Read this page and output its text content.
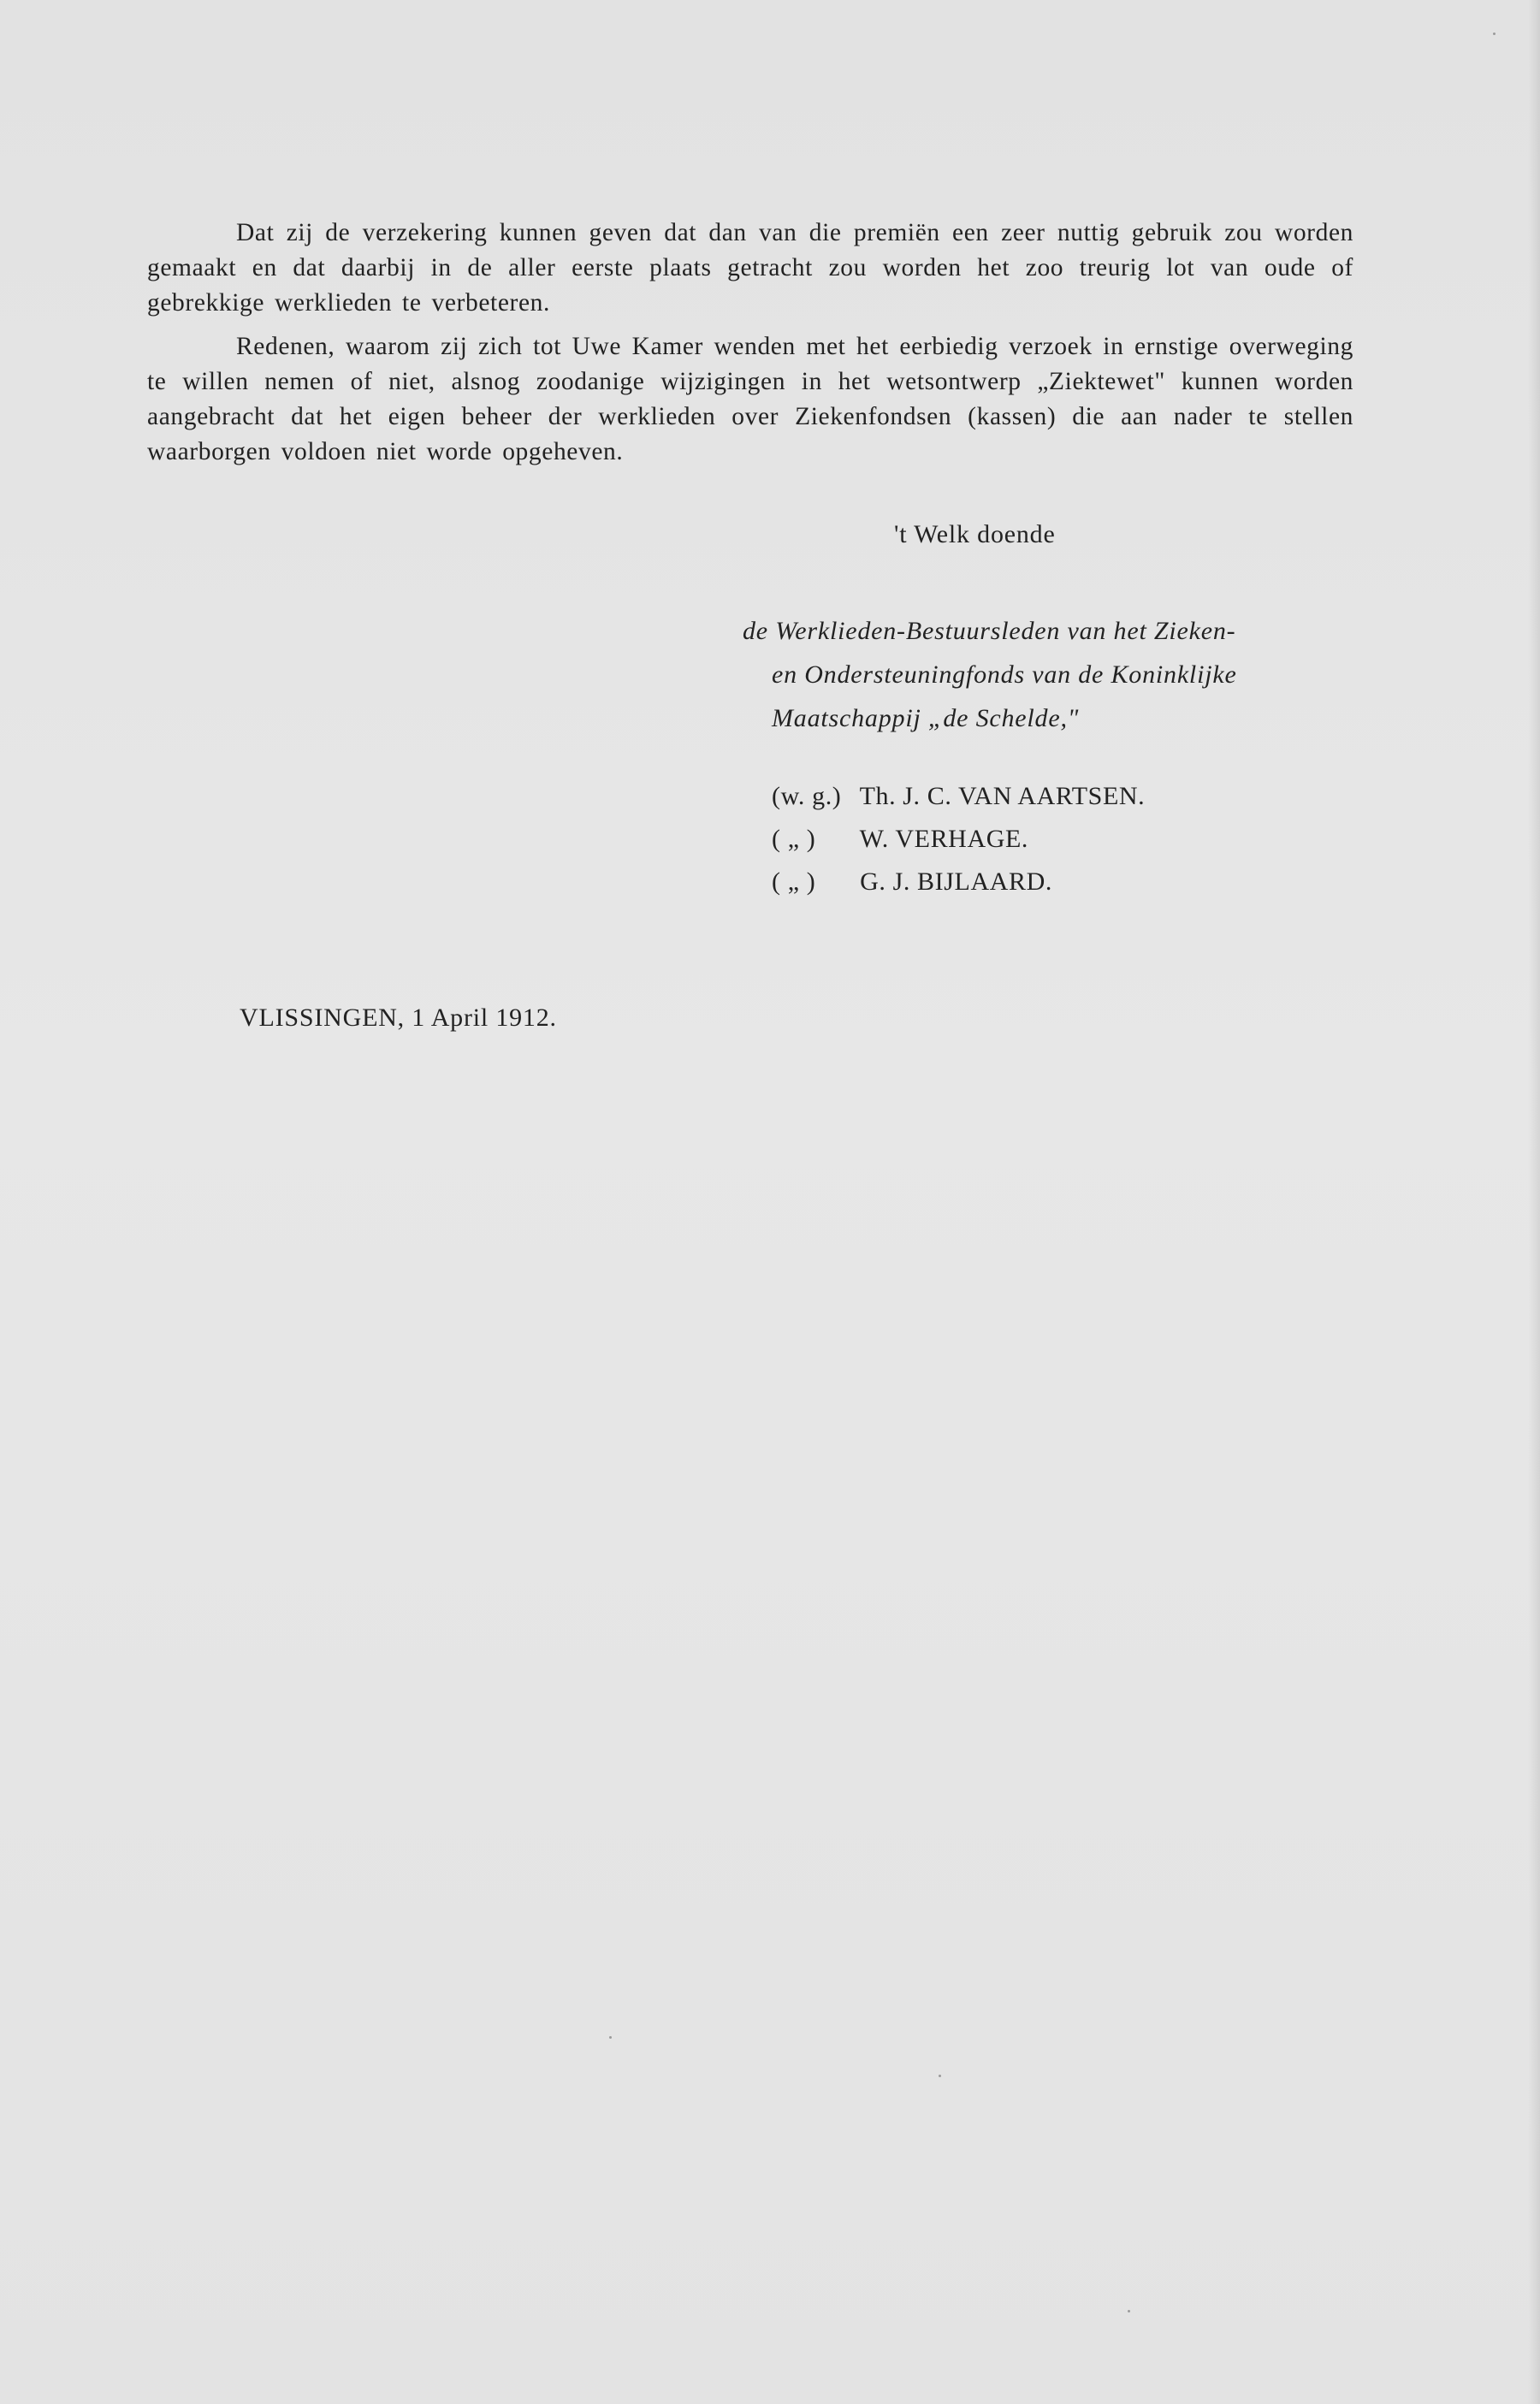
Dat zij de verzekering kunnen geven dat dan van die premiën een zeer nuttig gebruik zou worden gemaakt en dat daarbij in de aller eerste plaats getracht zou worden het zoo treurig lot van oude of gebrekkige werklieden te verbeteren.

Redenen, waarom zij zich tot Uwe Kamer wenden met het eerbiedig verzoek in ernstige overweging te willen nemen of niet, alsnog zoodanige wijzigingen in het wetsontwerp „Ziektewet" kunnen worden aangebracht dat het eigen beheer der werklieden over Ziekenfondsen (kassen) die aan nader te stellen waarborgen voldoen niet worde opgeheven.

't Welk doende
de Werklieden-Bestuursleden van het Zieken-
en Ondersteuningfonds van de Koninklijke
Maatschappij „de Schelde,"
(w. g.) Th. J. C. VAN AARTSEN.
( „ ) W. VERHAGE.
( „ ) G. J. BIJLAARD.
VLISSINGEN, 1 April 1912.
